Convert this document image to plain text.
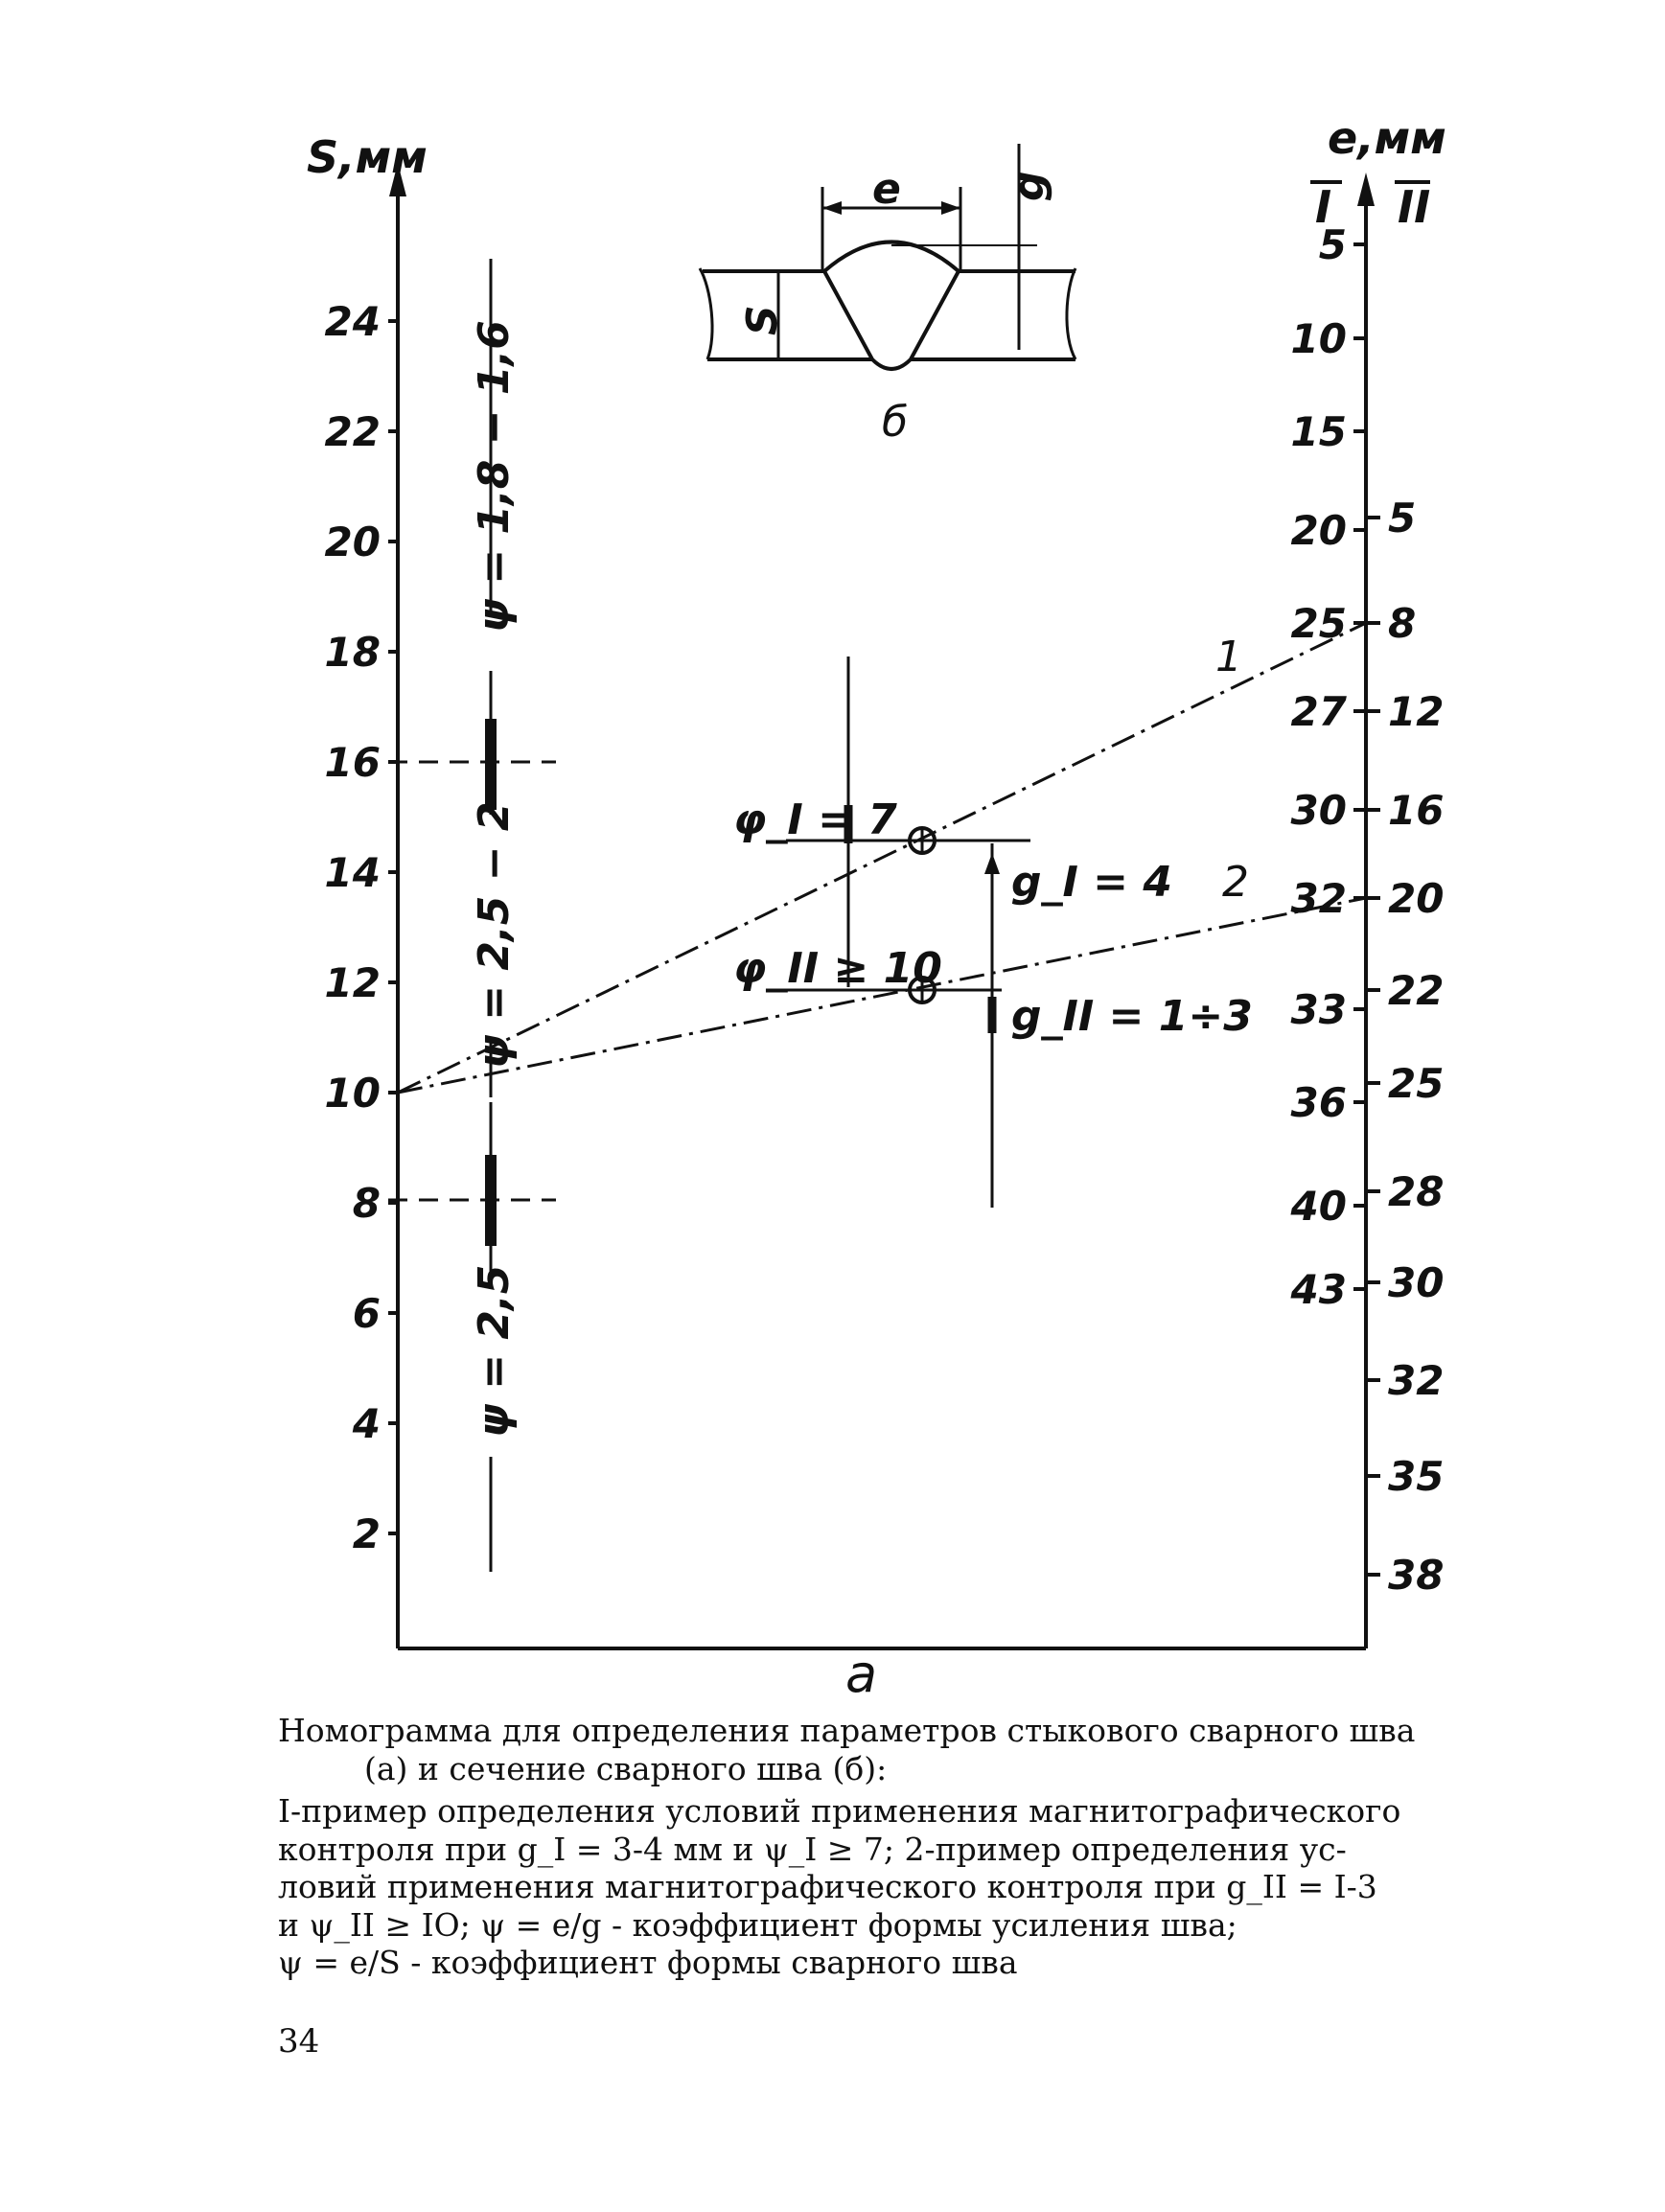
S,мм
2
4
6
8
10
12
14
16
18
20
22
24
e,мм
I II
5
10
15
20
25
27
30
32
33
36
40
43
5
8
12
16
20
22
25
28
30
32
35
38
a
ψ = 1,8 − 1,6
ψ = 2,5 − 2
ψ = 2,5
1
2
φ_I = 7
g_I = 4
φ_II ≥ 10
g_II = 1÷3
e g
S
б
Номограмма для определения параметров стыкового сварного шва
(а) и сечение сварного шва (б):
I-пример определения условий применения магнитографического
контроля при g_I = 3-4 мм и ψ_I ≥ 7; 2-пример определения ус-
ловий применения магнитографического контроля при g_II = I-3
и ψ_II ≥ IO; ψ = e/g - коэффициент формы усиления шва;
ψ = e/S - коэффициент формы сварного шва
34
